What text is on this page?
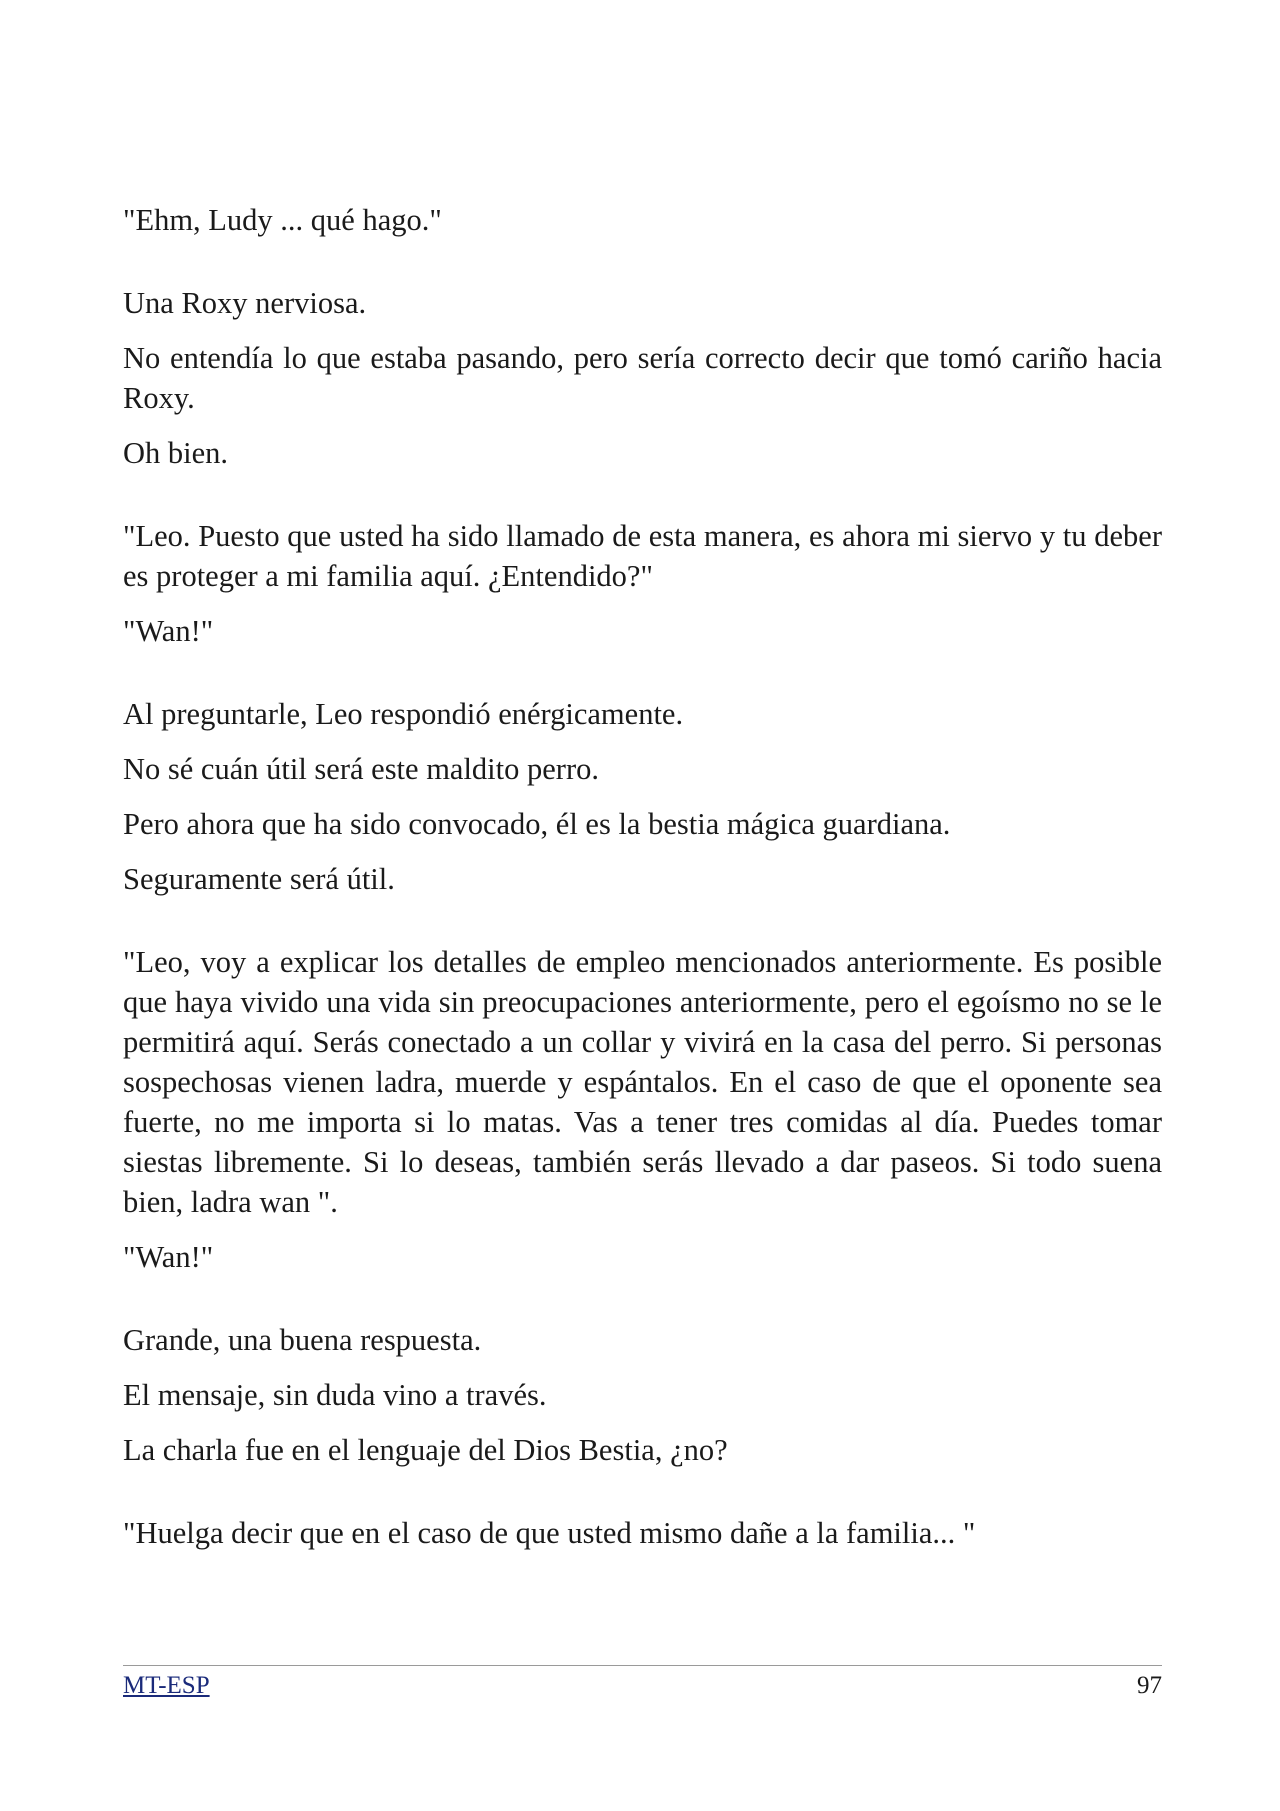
"Ehm, Ludy ... qué hago."

Una Roxy nerviosa.

No entendía lo que estaba pasando, pero sería correcto decir que tomó cariño hacia Roxy.

Oh bien.

"Leo. Puesto que usted ha sido llamado de esta manera, es ahora mi siervo y tu deber es proteger a mi familia aquí. ¿Entendido?"

"Wan!"

Al preguntarle, Leo respondió enérgicamente.

No sé cuán útil será este maldito perro.

Pero ahora que ha sido convocado, él es la bestia mágica guardiana.

Seguramente será útil.

"Leo, voy a explicar los detalles de empleo mencionados anteriormente. Es posible que haya vivido una vida sin preocupaciones anteriormente, pero el egoísmo no se le permitirá aquí. Serás conectado a un collar y vivirá en la casa del perro. Si personas sospechosas vienen ladra, muerde y espántalos. En el caso de que el oponente sea fuerte, no me importa si lo matas. Vas a tener tres comidas al día. Puedes tomar siestas libremente. Si lo deseas, también serás llevado a dar paseos. Si todo suena bien, ladra wan ".

"Wan!"

Grande, una buena respuesta.

El mensaje, sin duda vino a través.

La charla fue en el lenguaje del Dios Bestia, ¿no?

"Huelga decir que en el caso de que usted mismo dañe a la familia... "

MT-ESP	97
